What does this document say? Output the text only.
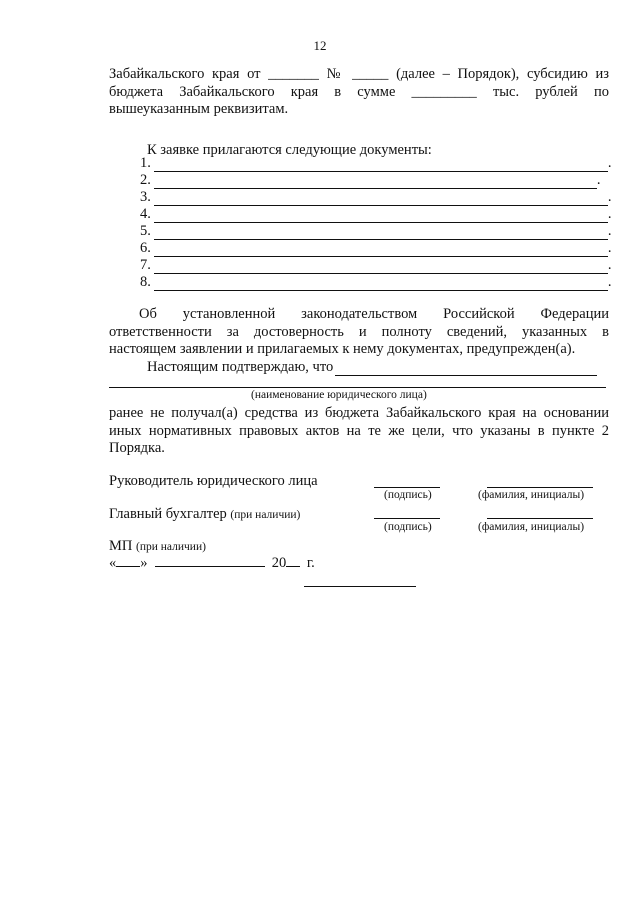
12
Забайкальского края от _______ № _____ (далее – Порядок), субсидию из
бюджета Забайкальского края в сумме _________ тыс. рублей по
вышеуказанным реквизитам.
К заявке прилагаются следующие документы:
1.	.
2.	.
3.	.
4.	.
5.	.
6.	.
7.	.
8.	.
Об установленной законодательством Российской Федерации
ответственности за достоверность и полноту сведений, указанных в
настоящем заявлении и прилагаемых к нему документах, предупрежден(а).
Настоящим подтверждаю, что
(наименование юридического лица)
ранее не получал(а) средства из бюджета Забайкальского края на основании
иных нормативных правовых актов на те же цели, что указаны в пункте 2
Порядка.
Руководитель юридического лица
(подпись)	(фамилия, инициалы)
Главный бухгалтер (при наличии)
(подпись)	(фамилия, инициалы)
МП (при наличии)
« »	20 г.
